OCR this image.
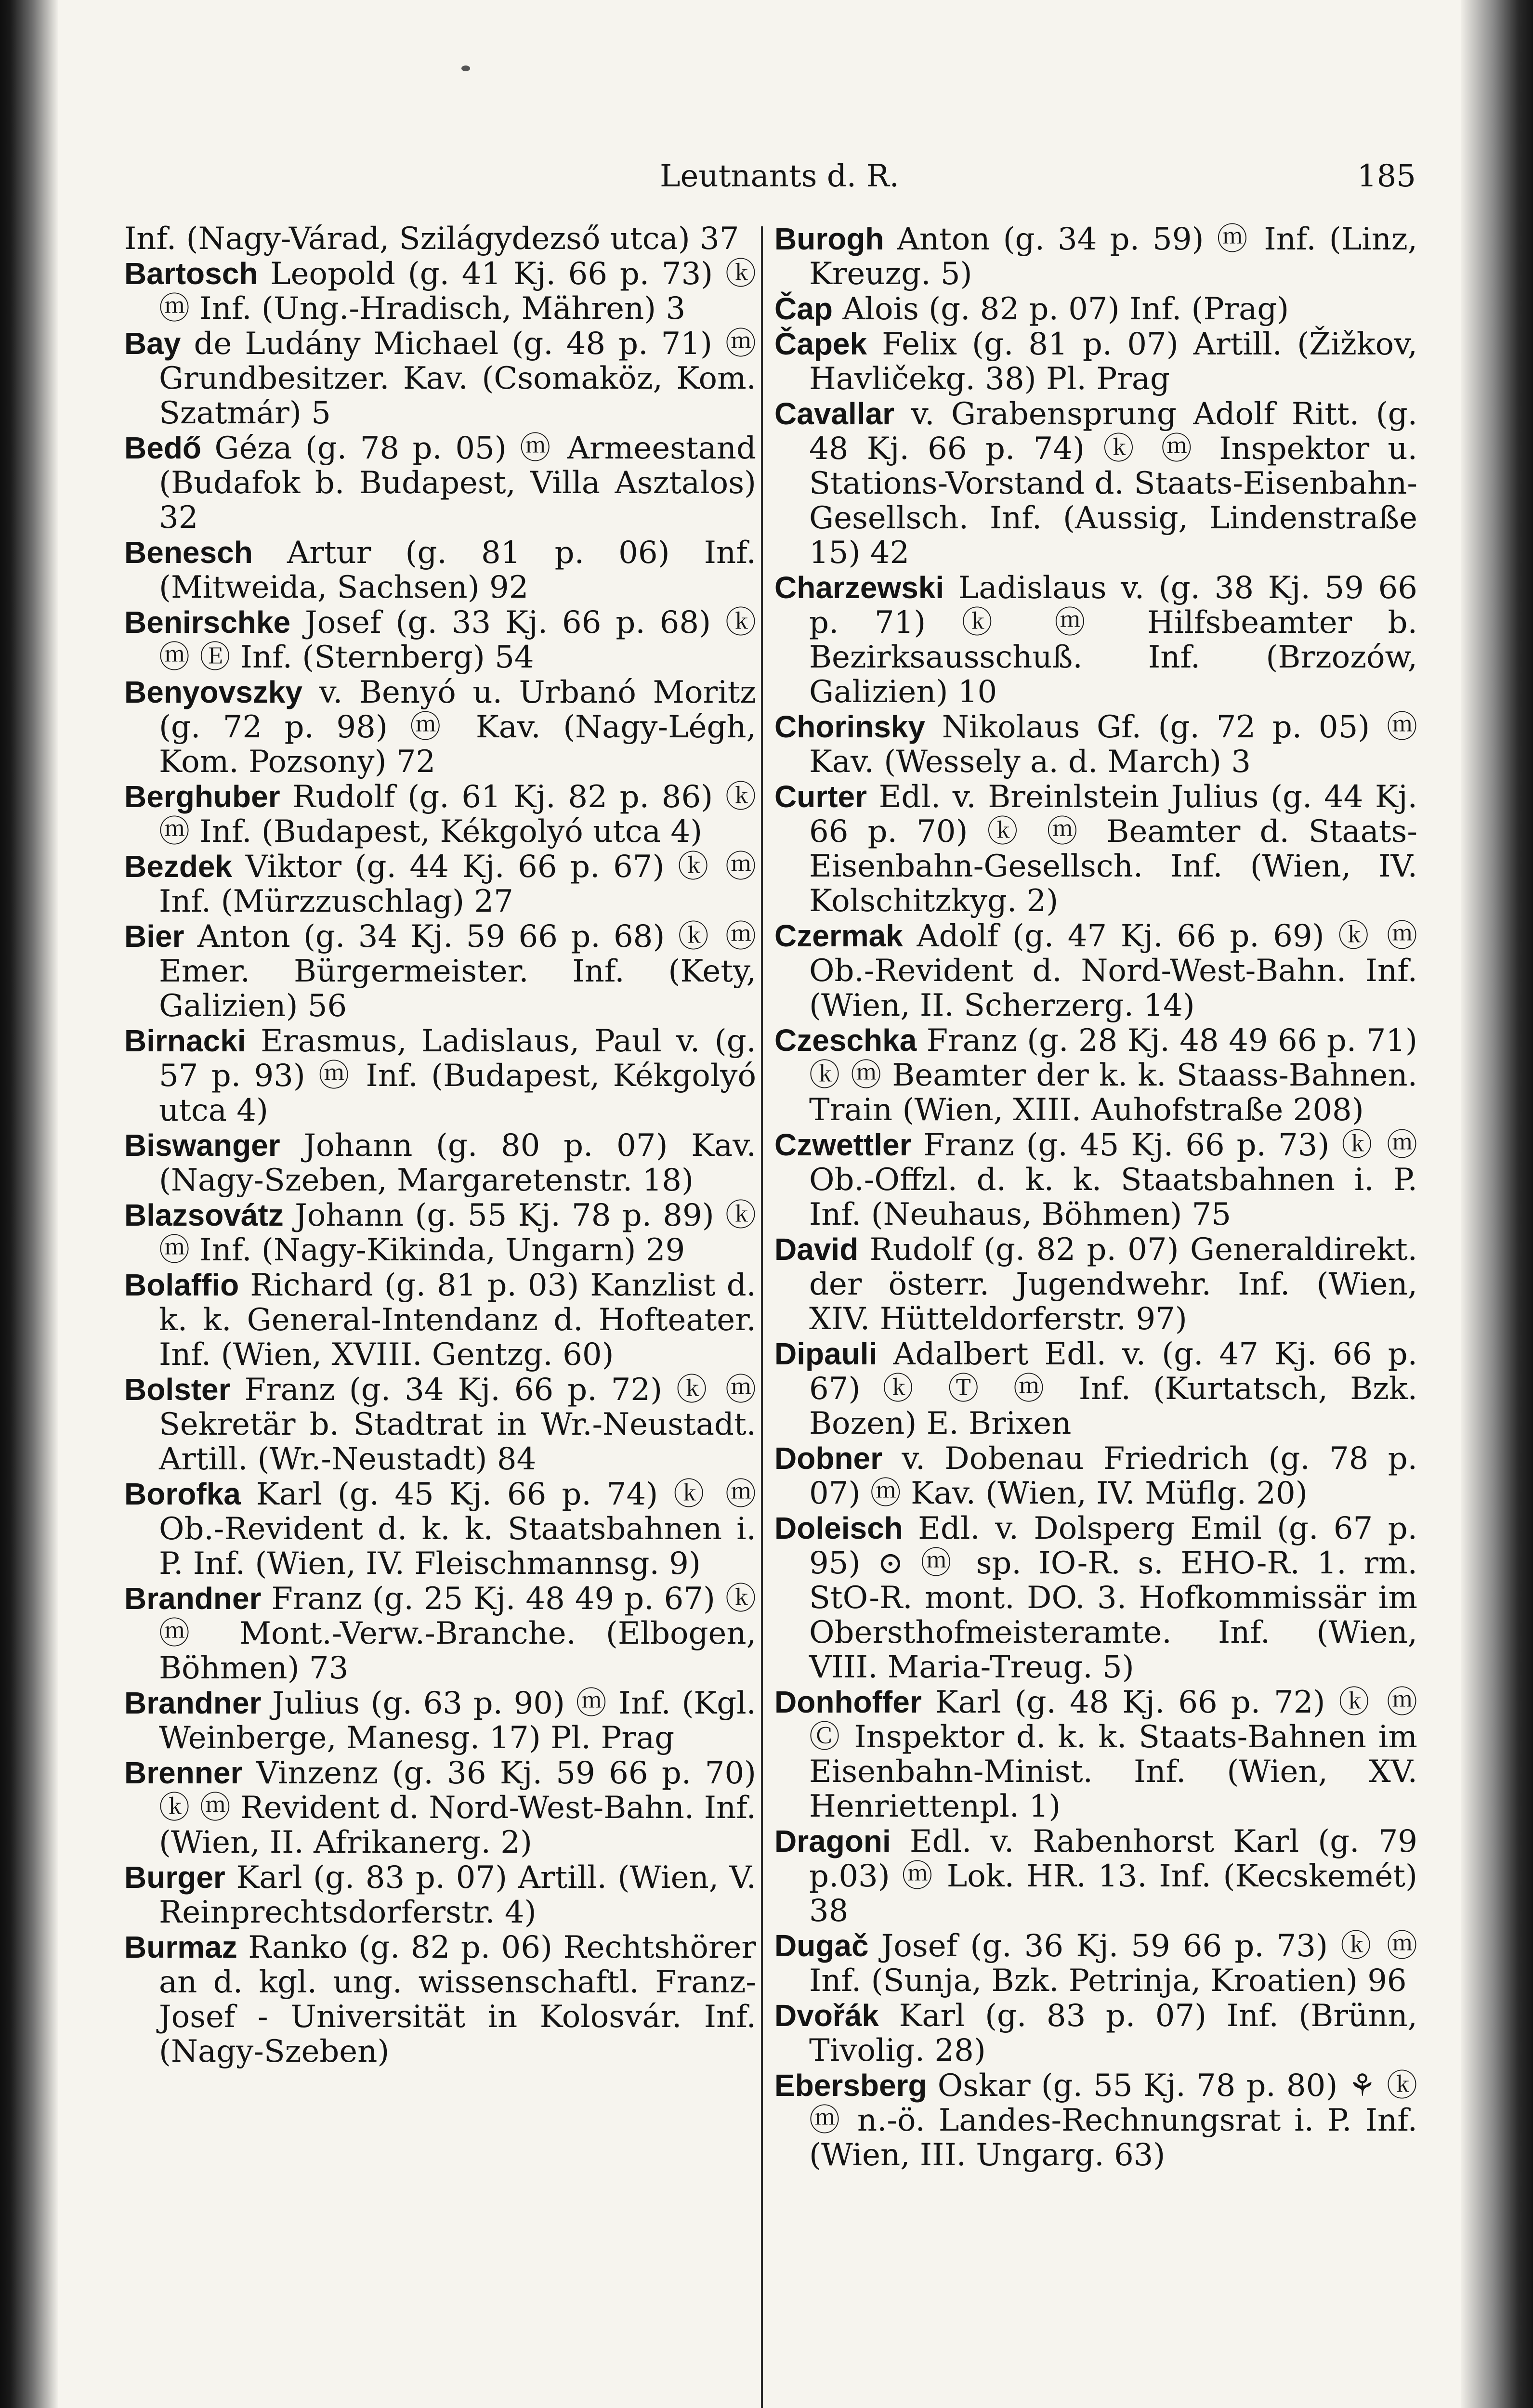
Leutnants d. R.	185
Inf. (Nagy-Várad, Szilágydezső utca) 37
Bartosch Leopold (g. 41 Kj. 66 p. 73) ⓚ ⓜ Inf. (Ung.-Hradisch, Mähren) 3
Bay de Ludány Michael (g. 48 p. 71) ⓜ Grundbesitzer. Kav. (Csomaköz, Kom. Szatmár) 5
Bedő Géza (g. 78 p. 05) ⓜ Armeestand (Budafok b. Budapest, Villa Asztalos) 32
Benesch Artur (g. 81 p. 06) Inf. (Mitweida, Sachsen) 92
Benirschke Josef (g. 33 Kj. 66 p. 68) ⓚ ⓜ Ⓔ Inf. (Sternberg) 54
Benyovszky v. Benyó u. Urbanó Moritz (g. 72 p. 98) ⓜ Kav. (Nagy-Légh, Kom. Pozsony) 72
Berghuber Rudolf (g. 61 Kj. 82 p. 86) ⓚ ⓜ Inf. (Budapest, Kékgolyó utca 4)
Bezdek Viktor (g. 44 Kj. 66 p. 67) ⓚ ⓜ Inf. (Mürzzuschlag) 27
Bier Anton (g. 34 Kj. 59 66 p. 68) ⓚ ⓜ Emer. Bürgermeister. Inf. (Kety, Galizien) 56
Birnacki Erasmus, Ladislaus, Paul v. (g. 57 p. 93) ⓜ Inf. (Budapest, Kékgolyó utca 4)
Biswanger Johann (g. 80 p. 07) Kav. (Nagy-Szeben, Margaretenstr. 18)
Blazsovátz Johann (g. 55 Kj. 78 p. 89) ⓚ ⓜ Inf. (Nagy-Kikinda, Ungarn) 29
Bolaffio Richard (g. 81 p. 03) Kanzlist d. k. k. General-Intendanz d. Hofteater. Inf. (Wien, XVIII. Gentzg. 60)
Bolster Franz (g. 34 Kj. 66 p. 72) ⓚ ⓜ Sekretär b. Stadtrat in Wr.-Neustadt. Artill. (Wr.-Neustadt) 84
Borofka Karl (g. 45 Kj. 66 p. 74) ⓚ ⓜ Ob.-Revident d. k. k. Staatsbahnen i. P. Inf. (Wien, IV. Fleischmannsg. 9)
Brandner Franz (g. 25 Kj. 48 49 p. 67) ⓚ ⓜ Mont.-Verw.-Branche. (Elbogen, Böhmen) 73
Brandner Julius (g. 63 p. 90) ⓜ Inf. (Kgl. Weinberge, Manesg. 17) Pl. Prag
Brenner Vinzenz (g. 36 Kj. 59 66 p. 70) ⓚ ⓜ Revident d. Nord-West-Bahn. Inf. (Wien, II. Afrikanerg. 2)
Burger Karl (g. 83 p. 07) Artill. (Wien, V. Reinprechtsdorferstr. 4)
Burmaz Ranko (g. 82 p. 06) Rechtshörer an d. kgl. ung. wissenschaftl. Franz-Josef - Universität in Kolosvár. Inf. (Nagy-Szeben)
Burogh Anton (g. 34 p. 59) ⓜ Inf. (Linz, Kreuzg. 5)
Čap Alois (g. 82 p. 07) Inf. (Prag)
Čapek Felix (g. 81 p. 07) Artill. (Žižkov, Havličekg. 38) Pl. Prag
Cavallar v. Grabensprung Adolf Ritt. (g. 48 Kj. 66 p. 74) ⓚ ⓜ Inspektor u. Stations-Vorstand d. Staats-Eisenbahn-Gesellsch. Inf. (Aussig, Lindenstraße 15) 42
Charzewski Ladislaus v. (g. 38 Kj. 59 66 p. 71) ⓚ ⓜ Hilfsbeamter b. Bezirksausschuß. Inf. (Brzozów, Galizien) 10
Chorinsky Nikolaus Gf. (g. 72 p. 05) ⓜ Kav. (Wessely a. d. March) 3
Curter Edl. v. Breinlstein Julius (g. 44 Kj. 66 p. 70) ⓚ ⓜ Beamter d. Staats-Eisenbahn-Gesellsch. Inf. (Wien, IV. Kolschitzkyg. 2)
Czermak Adolf (g. 47 Kj. 66 p. 69) ⓚ ⓜ Ob.-Revident d. Nord-West-Bahn. Inf. (Wien, II. Scherzerg. 14)
Czeschka Franz (g. 28 Kj. 48 49 66 p. 71) ⓚ ⓜ Beamter der k. k. Staass-Bahnen. Train (Wien, XIII. Auhofstraße 208)
Czwettler Franz (g. 45 Kj. 66 p. 73) ⓚ ⓜ Ob.-Offzl. d. k. k. Staatsbahnen i. P. Inf. (Neuhaus, Böhmen) 75
David Rudolf (g. 82 p. 07) Generaldirekt. der österr. Jugendwehr. Inf. (Wien, XIV. Hütteldorferstr. 97)
Dipauli Adalbert Edl. v. (g. 47 Kj. 66 p. 67) ⓚ Ⓣ ⓜ Inf. (Kurtatsch, Bzk. Bozen) E. Brixen
Dobner v. Dobenau Friedrich (g. 78 p. 07) ⓜ Kav. (Wien, IV. Müflg. 20)
Doleisch Edl. v. Dolsperg Emil (g. 67 p. 95) ⊙ ⓜ sp. IO-R. s. EHO-R. 1. rm. StO-R. mont. DO. 3. Hofkommissär im Obersthofmeisteramte. Inf. (Wien, VIII. Maria-Treug. 5)
Donhoffer Karl (g. 48 Kj. 66 p. 72) ⓚ ⓜ Ⓒ Inspektor d. k. k. Staats-Bahnen im Eisenbahn-Minist. Inf. (Wien, XV. Henriettenpl. 1)
Dragoni Edl. v. Rabenhorst Karl (g. 79 p.03) ⓜ Lok. HR. 13. Inf. (Kecskemét) 38
Dugač Josef (g. 36 Kj. 59 66 p. 73) ⓚ ⓜ Inf. (Sunja, Bzk. Petrinja, Kroatien) 96
Dvořák Karl (g. 83 p. 07) Inf. (Brünn, Tivolig. 28)
Ebersberg Oskar (g. 55 Kj. 78 p. 80) ⚘ ⓚ ⓜ n.-ö. Landes-Rechnungsrat i. P. Inf. (Wien, III. Ungarg. 63)
